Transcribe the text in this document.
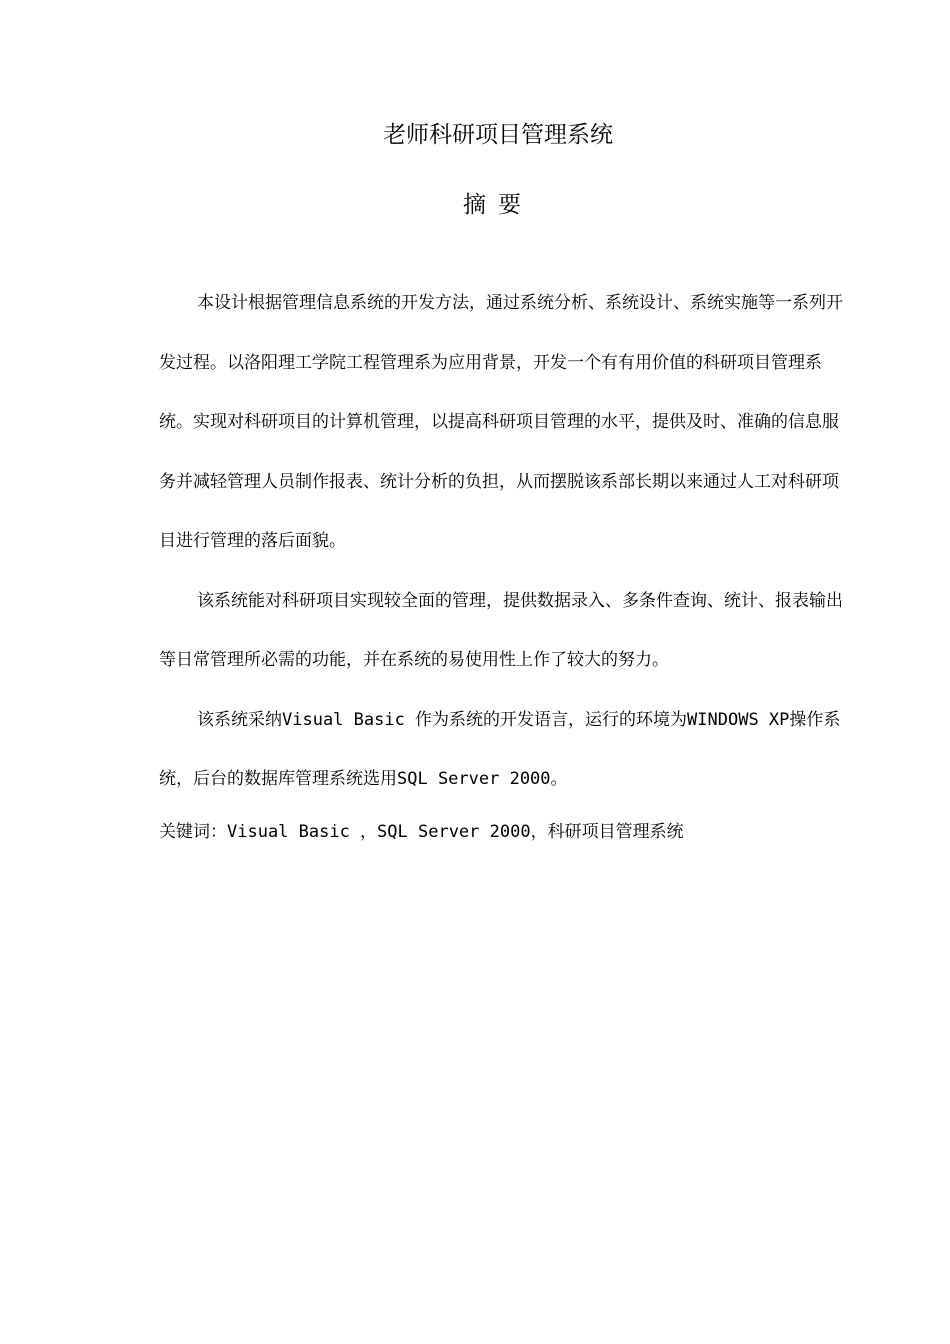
老师科研项目管理系统
摘要

本设计根据管理信息系统的开发方法，通过系统分析、系统设计、系统实施等一系列开发过程。以洛阳理工学院工程管理系为应用背景，开发一个有有用价值的科研项目管理系统。实现对科研项目的计算机管理，以提高科研项目管理的水平，提供及时、准确的信息服务并减轻管理人员制作报表、统计分析的负担，从而摆脱该系部长期以来通过人工对科研项目进行管理的落后面貌。

该系统能对科研项目实现较全面的管理，提供数据录入、多条件查询、统计、报表输出等日常管理所必需的功能，并在系统的易使用性上作了较大的努力。

该系统采纳Visual Basic 作为系统的开发语言，运行的环境为WINDOWS XP操作系统，后台的数据库管理系统选用SQL Server 2000。

关键词：Visual Basic ，SQL Server 2000，科研项目管理系统
